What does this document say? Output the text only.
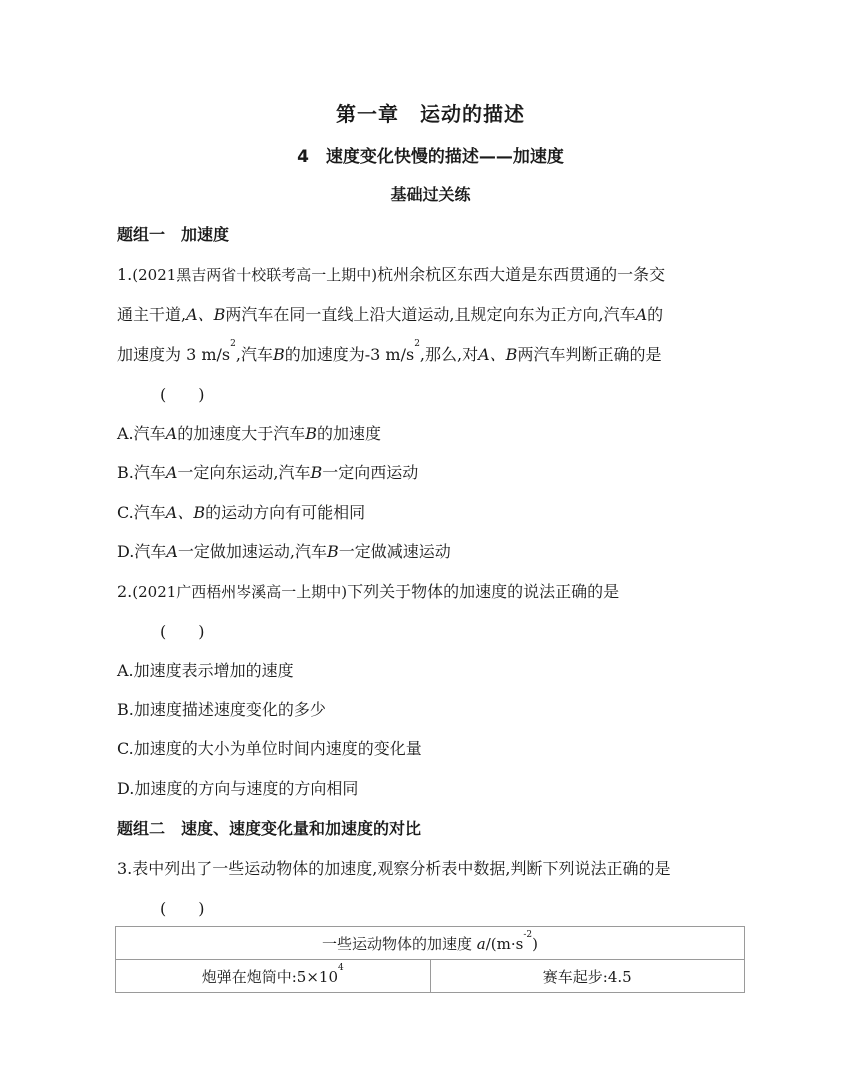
第一章　运动的描述
4　速度变化快慢的描述——加速度
基础过关练
题组一　加速度
1.(2021黑吉两省十校联考高一上期中)杭州余杭区东西大道是东西贯通的一条交
通主干道,A、B两汽车在同一直线上沿大道运动,且规定向东为正方向,汽车A的
加速度为 3 $m/s^2$,汽车B的加速度为-3 $m/s^2$,那么,对A、B两汽车判断正确的是
(　　)
A.汽车A的加速度大于汽车B的加速度
B.汽车A一定向东运动,汽车B一定向西运动
C.汽车A、B的运动方向有可能相同
D.汽车A一定做加速运动,汽车B一定做减速运动
2.(2021广西梧州岑溪高一上期中)下列关于物体的加速度的说法正确的是
(　　)
A.加速度表示增加的速度
B.加速度描述速度变化的多少
C.加速度的大小为单位时间内速度的变化量
D.加速度的方向与速度的方向相同
题组二　速度、速度变化量和加速度的对比
3.表中列出了一些运动物体的加速度,观察分析表中数据,判断下列说法正确的是
(　　)
一些运动物体的加速度 $a/(m\cdot s^{-2})$
炮弹在炮筒中$:5\times 10^4$	赛车起步:4.5
